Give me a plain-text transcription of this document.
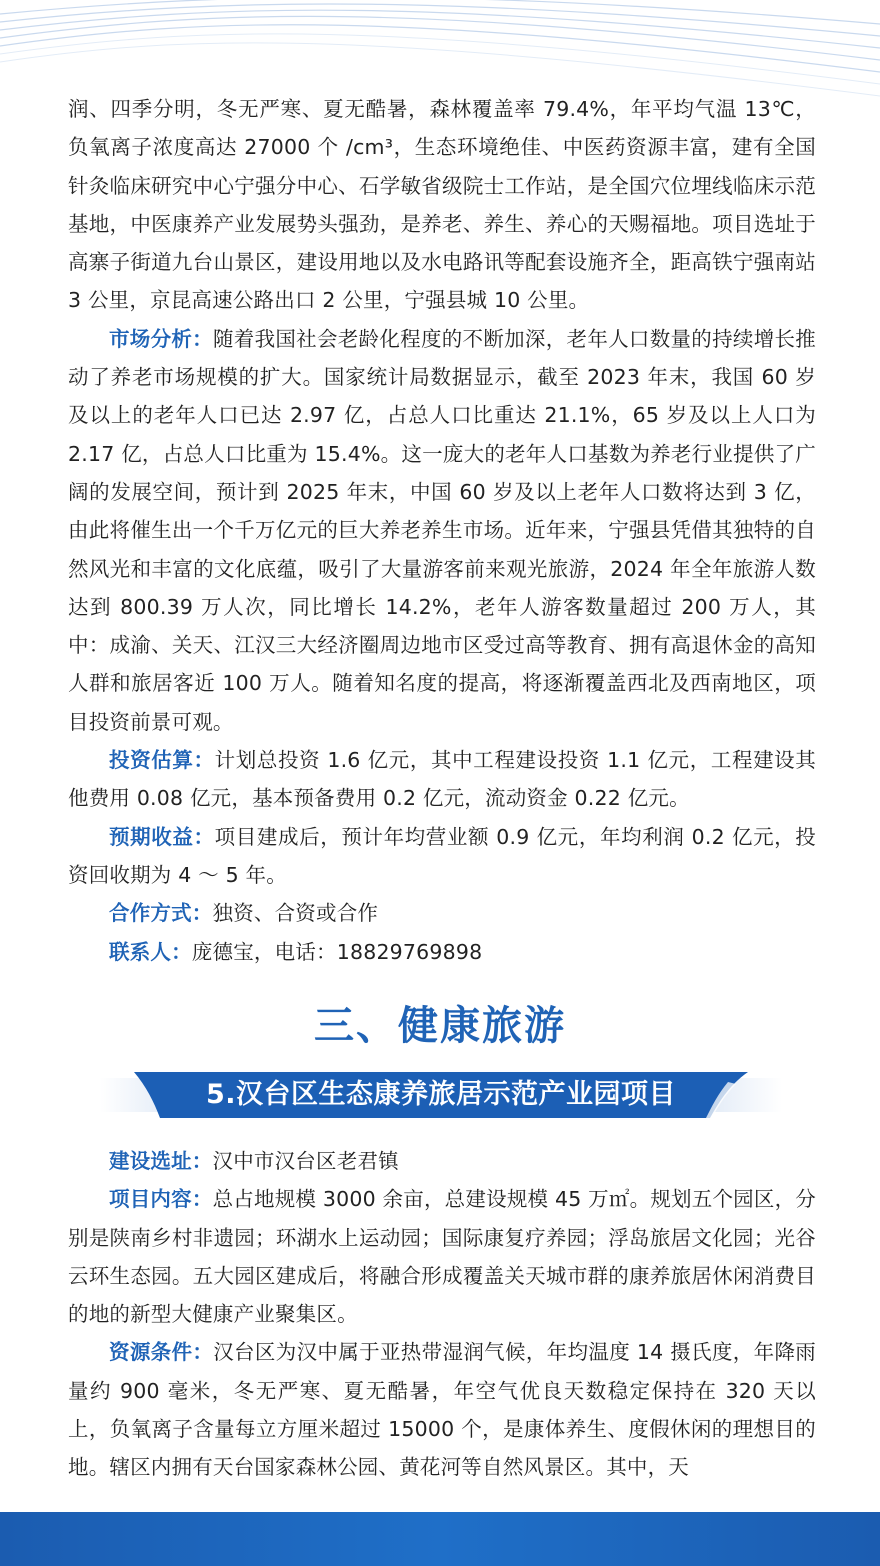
润、四季分明，冬无严寒、夏无酷暑，森林覆盖率 79.4%，年平均气温 13℃，负氧离子浓度高达 27000 个 /cm³，生态环境绝佳、中医药资源丰富，建有全国针灸临床研究中心宁强分中心、石学敏省级院士工作站，是全国穴位埋线临床示范基地，中医康养产业发展势头强劲，是养老、养生、养心的天赐福地。项目选址于高寨子街道九台山景区，建设用地以及水电路讯等配套设施齐全，距高铁宁强南站 3 公里，京昆高速公路出口 2 公里，宁强县城 10 公里。

市场分析：随着我国社会老龄化程度的不断加深，老年人口数量的持续增长推动了养老市场规模的扩大。国家统计局数据显示，截至 2023 年末，我国 60 岁及以上的老年人口已达 2.97 亿，占总人口比重达 21.1%，65 岁及以上人口为 2.17 亿，占总人口比重为 15.4%。这一庞大的老年人口基数为养老行业提供了广阔的发展空间，预计到 2025 年末，中国 60 岁及以上老年人口数将达到 3 亿，由此将催生出一个千万亿元的巨大养老养生市场。近年来，宁强县凭借其独特的自然风光和丰富的文化底蕴，吸引了大量游客前来观光旅游，2024 年全年旅游人数达到 800.39 万人次，同比增长 14.2%，老年人游客数量超过 200 万人，其中：成渝、关天、江汉三大经济圈周边地市区受过高等教育、拥有高退休金的高知人群和旅居客近 100 万人。随着知名度的提高，将逐渐覆盖西北及西南地区，项目投资前景可观。

投资估算：计划总投资 1.6 亿元，其中工程建设投资 1.1 亿元，工程建设其他费用 0.08 亿元，基本预备费用 0.2 亿元，流动资金 0.22 亿元。

预期收益：项目建成后，预计年均营业额 0.9 亿元，年均利润 0.2 亿元，投资回收期为 4 ～ 5 年。

合作方式：独资、合资或合作

联系人：庞德宝，电话：18829769898

三、健康旅游
5.汉台区生态康养旅居示范产业园项目

建设选址：汉中市汉台区老君镇

项目内容：总占地规模 3000 余亩，总建设规模 45 万㎡。规划五个园区，分别是陕南乡村非遗园；环湖水上运动园；国际康复疗养园；浮岛旅居文化园；光谷云环生态园。五大园区建成后，将融合形成覆盖关天城市群的康养旅居休闲消费目的地的新型大健康产业聚集区。

资源条件：汉台区为汉中属于亚热带湿润气候，年均温度 14 摄氏度，年降雨量约 900 毫米，冬无严寒、夏无酷暑，年空气优良天数稳定保持在 320 天以上，负氧离子含量每立方厘米超过 15000 个，是康体养生、度假休闲的理想目的地。辖区内拥有天台国家森林公园、黄花河等自然风景区。其中，天
